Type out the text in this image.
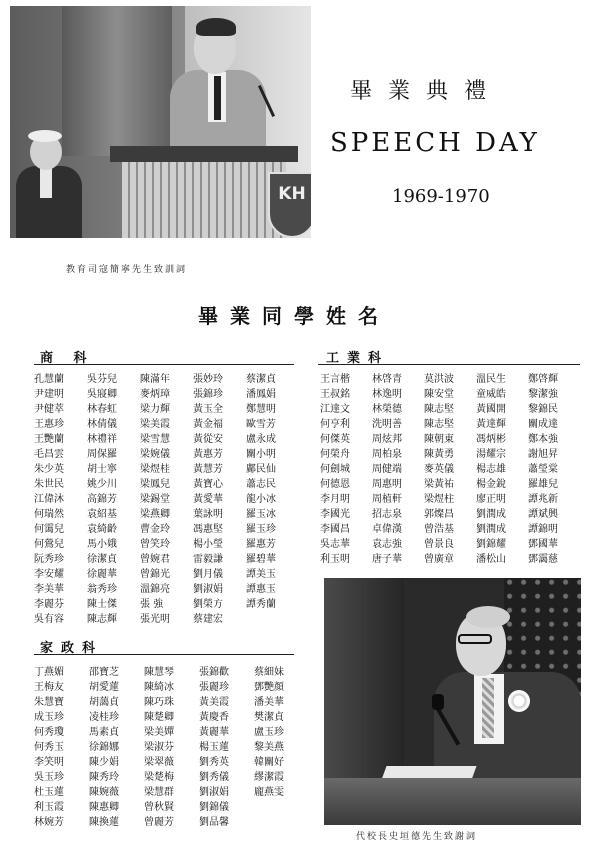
KH
教育司寇簡寧先生致訓詞
畢業典禮
SPEECH DAY
1969-1970
畢業同學姓名
商 科
孔慧蘭
尹建明
尹健萃
王惠珍
王艷蘭
毛昌雲
朱少英
朱世民
江偉沐
何瑞然
何霭兒
何鶯兒
阮秀珍
李安耀
李美華
李麗芬
吳有容
吳芬兒
吳寢卿
林春虹
林倩儀
林禮祥
周保羅
胡士寧
姚少川
高錦芳
袁紹基
袁綺齡
馬小娥
徐潔貞
徐麗華
翁秀珍
陳士傑
陳志輝
陳滿年
麥炳璋
梁力輝
梁美霞
梁雪慧
梁婉儀
梁煜桂
梁鳳兒
梁錫堂
梁燕卿
曹金玲
曾笑玲
曾婉君
曾錦光
溫錦亮
張 強
張光明
張妙玲
張錦珍
黃玉全
黃金福
黃從安
黃惠芳
黃慧芳
黃寶心
黃愛華
葉詠明
馮惠堅
楊小瑩
雷毅謙
劉月儀
劉淑娟
劉榮方
蔡建宏
蔡潔貞
潘鳳娟
鄭慧明
歐雪芳
盧永成
關小明
鄺民仙
蕭志民
龍小冰
羅玉冰
羅玉珍
羅惠芳
羅碧華
譚美玉
譚惠玉
譚秀蘭
家政科
丁燕媚
王梅友
朱慧寶
成玉珍
何秀瓊
何秀玉
李笑明
吳玉珍
杜玉蓮
利玉霞
林婉芳
邵寶芝
胡愛蓮
胡藹貞
凌桂珍
馬素貞
徐錦娜
陳少娟
陳秀玲
陳婉薇
陳惠卿
陳換蓮
陳慧琴
陳綺冰
陳巧珠
陳楚卿
梁美嬋
梁淑芬
梁翠薇
梁楚梅
梁慧群
曾秋賢
曾麗芳
張錦歡
張麗珍
黃美霞
黃慶香
黃麗華
楊玉蓮
劉秀英
劉秀儀
劉淑娟
劉錦儀
劉品馨
蔡細妹
鄧艷顏
潘美華
樊潔貞
盧玉珍
黎美燕
韓關好
繆潔霞
龐燕雯
工業科
王言楷
王叔銘
江達文
何亨利
何傑英
何榮舟
何劍城
何德恩
李月明
李國光
李國昌
吳志華
利玉明
林啓青
林逸明
林榮德
洗明善
周炫邦
周柏泉
周健端
周惠明
周植軒
招志泉
卓偉漢
袁志強
唐子華
莫洪波
陳安堂
陳志堅
陳志堅
陳朝東
陳黃勇
麥英儀
梁黃祐
梁煜柱
郭燦昌
曾浩基
曾景良
曾廣章
溫民生
童威皓
黃國開
黃達輝
馮炳彬
湯耀宗
楊志雄
楊金銳
廖正明
劉潤成
劉潤成
劉錦耀
潘松山
鄭啓輝
黎潔強
黎錦民
關成達
鄭本強
謝旭昇
蕭瑩棠
羅雄兒
譚兆新
譚斌興
譚錦明
鄧國華
鄧靄慈
代校長史垣德先生致謝詞
